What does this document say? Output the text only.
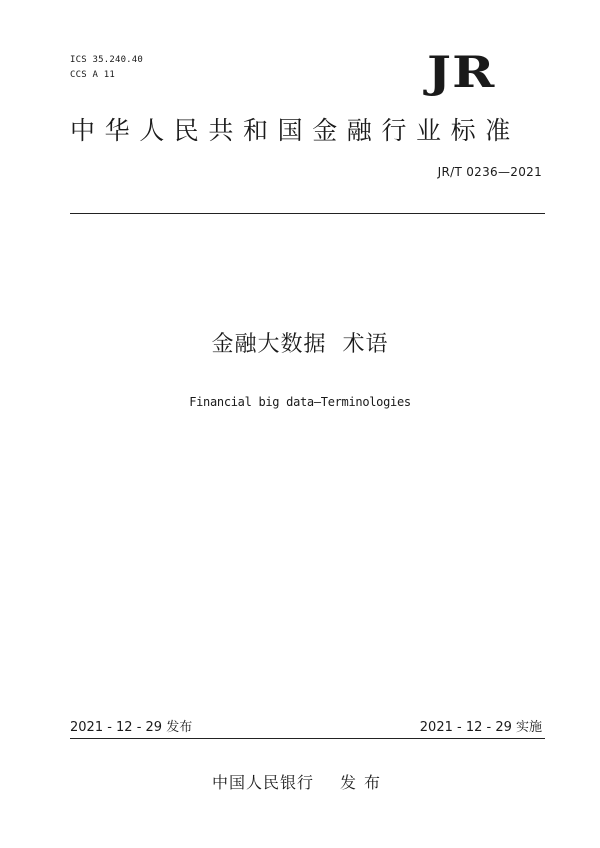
ICS 35.240.40
CCS A 11	JR
中华人民共和国金融行业标准
JR/T 0236—2021
金融大数据  术语
Financial big data—Terminologies
2021 - 12 - 29 发布	2021 - 12 - 29 实施
中国人民银行 发布
